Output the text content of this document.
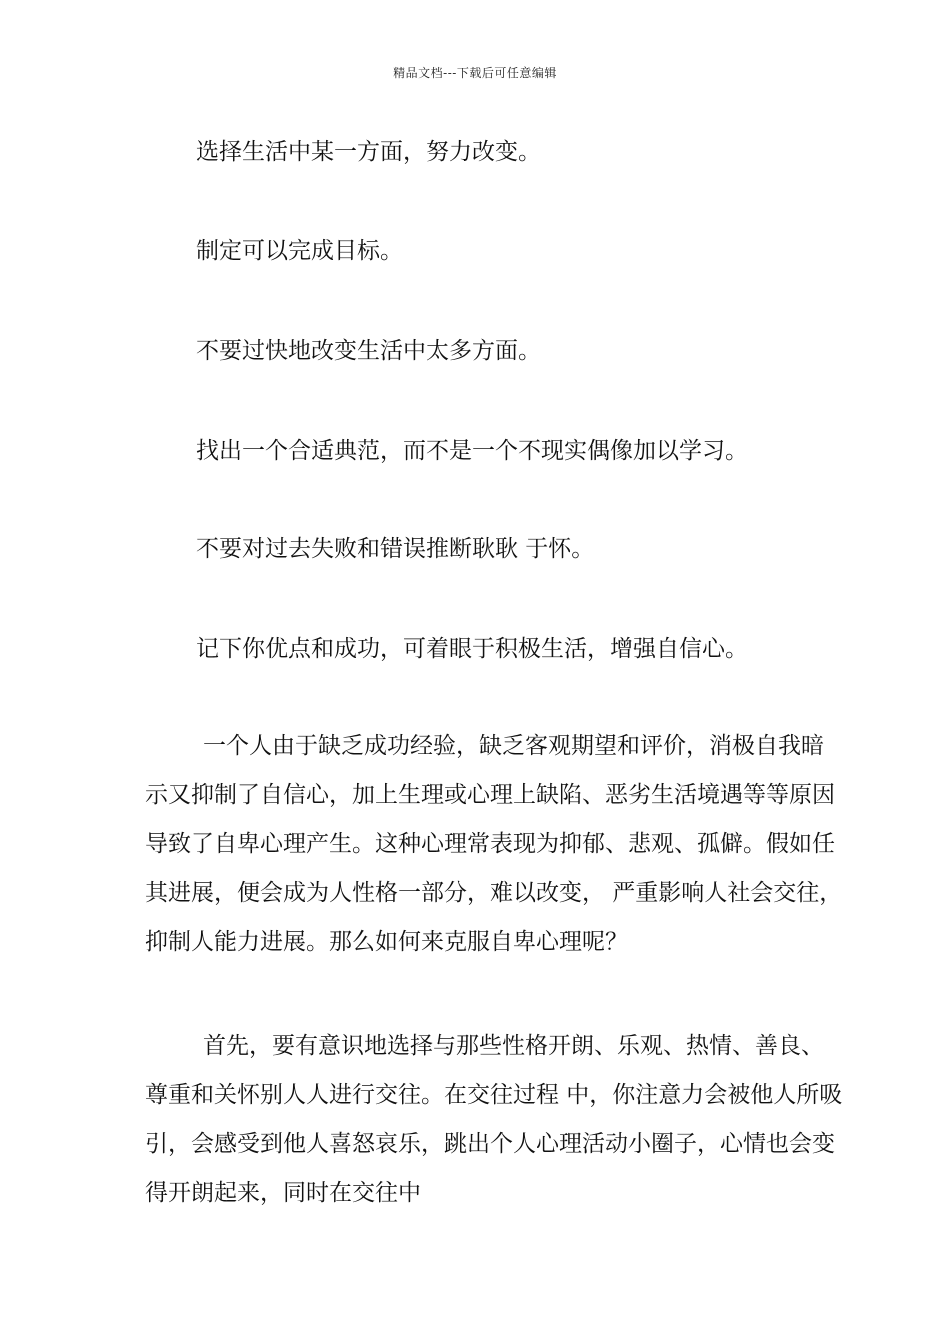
精品文档---下载后可任意编辑
选择生活中某一方面，努力改变。
制定可以完成目标。
不要过快地改变生活中太多方面。
找出一个合适典范，而不是一个不现实偶像加以学习。
不要对过去失败和错误推断耿耿 于怀。
记下你优点和成功，可着眼于积极生活，增强自信心。

一个人由于缺乏成功经验，缺乏客观期望和评价，消极自我暗示又抑制了自信心，加上生理或心理上缺陷、恶劣生活境遇等等原因导致了自卑心理产生。这种心理常表现为抑郁、悲观、孤僻。假如任其进展，便会成为人性格一部分，难以改变， 严重影响人社会交往，抑制人能力进展。那么如何来克服自卑心理呢？

首先，要有意识地选择与那些性格开朗、乐观、热情、善良、尊重和关怀别人人进行交往。在交往过程 中，你注意力会被他人所吸引，会感受到他人喜怒哀乐，跳出个人心理活动小圈子，心情也会变得开朗起来，同时在交往中
